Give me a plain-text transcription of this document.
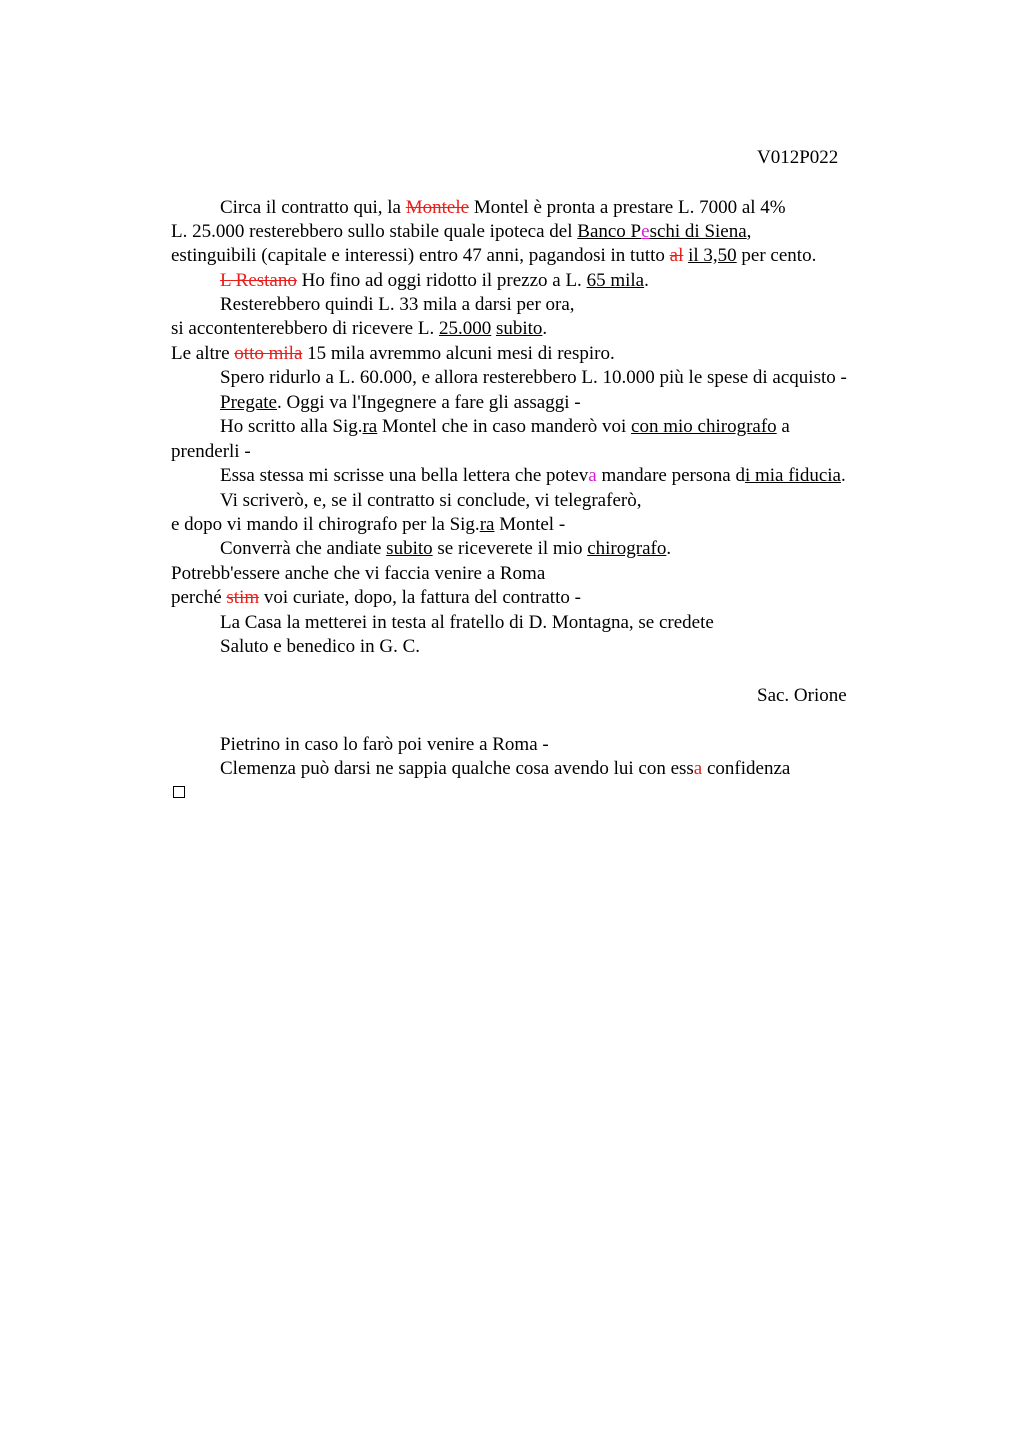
V012P022
Circa il contratto qui, la Montele Montel è pronta a prestare L. 7000 al 4%
L. 25.000 resterebbero sullo stabile quale ipoteca del Banco Peschi di Siena,
estinguibili (capitale e interessi) entro 47 anni, pagandosi in tutto al il 3,50 per cento.
L Restano Ho fino ad oggi ridotto il prezzo a L. 65 mila.
Resterebbero quindi L. 33 mila a darsi per ora,
si accontenterebbero di ricevere L. 25.000 subito.
Le altre otto mila 15 mila avremmo alcuni mesi di respiro.
Spero ridurlo a L. 60.000, e allora resterebbero L. 10.000 più le spese di acquisto -
Pregate. Oggi va l'Ingegnere a fare gli assaggi -
Ho scritto alla Sig.ra Montel che in caso manderò voi con mio chirografo a
prenderli -
Essa stessa mi scrisse una bella lettera che poteva mandare persona di mia fiducia.
Vi scriverò, e, se il contratto si conclude, vi telegraferò,
e dopo vi mando il chirografo per la Sig.ra Montel -
Converrà che andiate subito se riceverete il mio chirografo.
Potrebb'essere anche che vi faccia venire a Roma
perché stim voi curiate, dopo, la fattura del contratto -
La Casa la metterei in testa al fratello di D. Montagna, se credete
Saluto e benedico in G. C.
Sac. Orione
Pietrino in caso lo farò poi venire a Roma -
Clemenza può darsi ne sappia qualche cosa avendo lui con essa confidenza
